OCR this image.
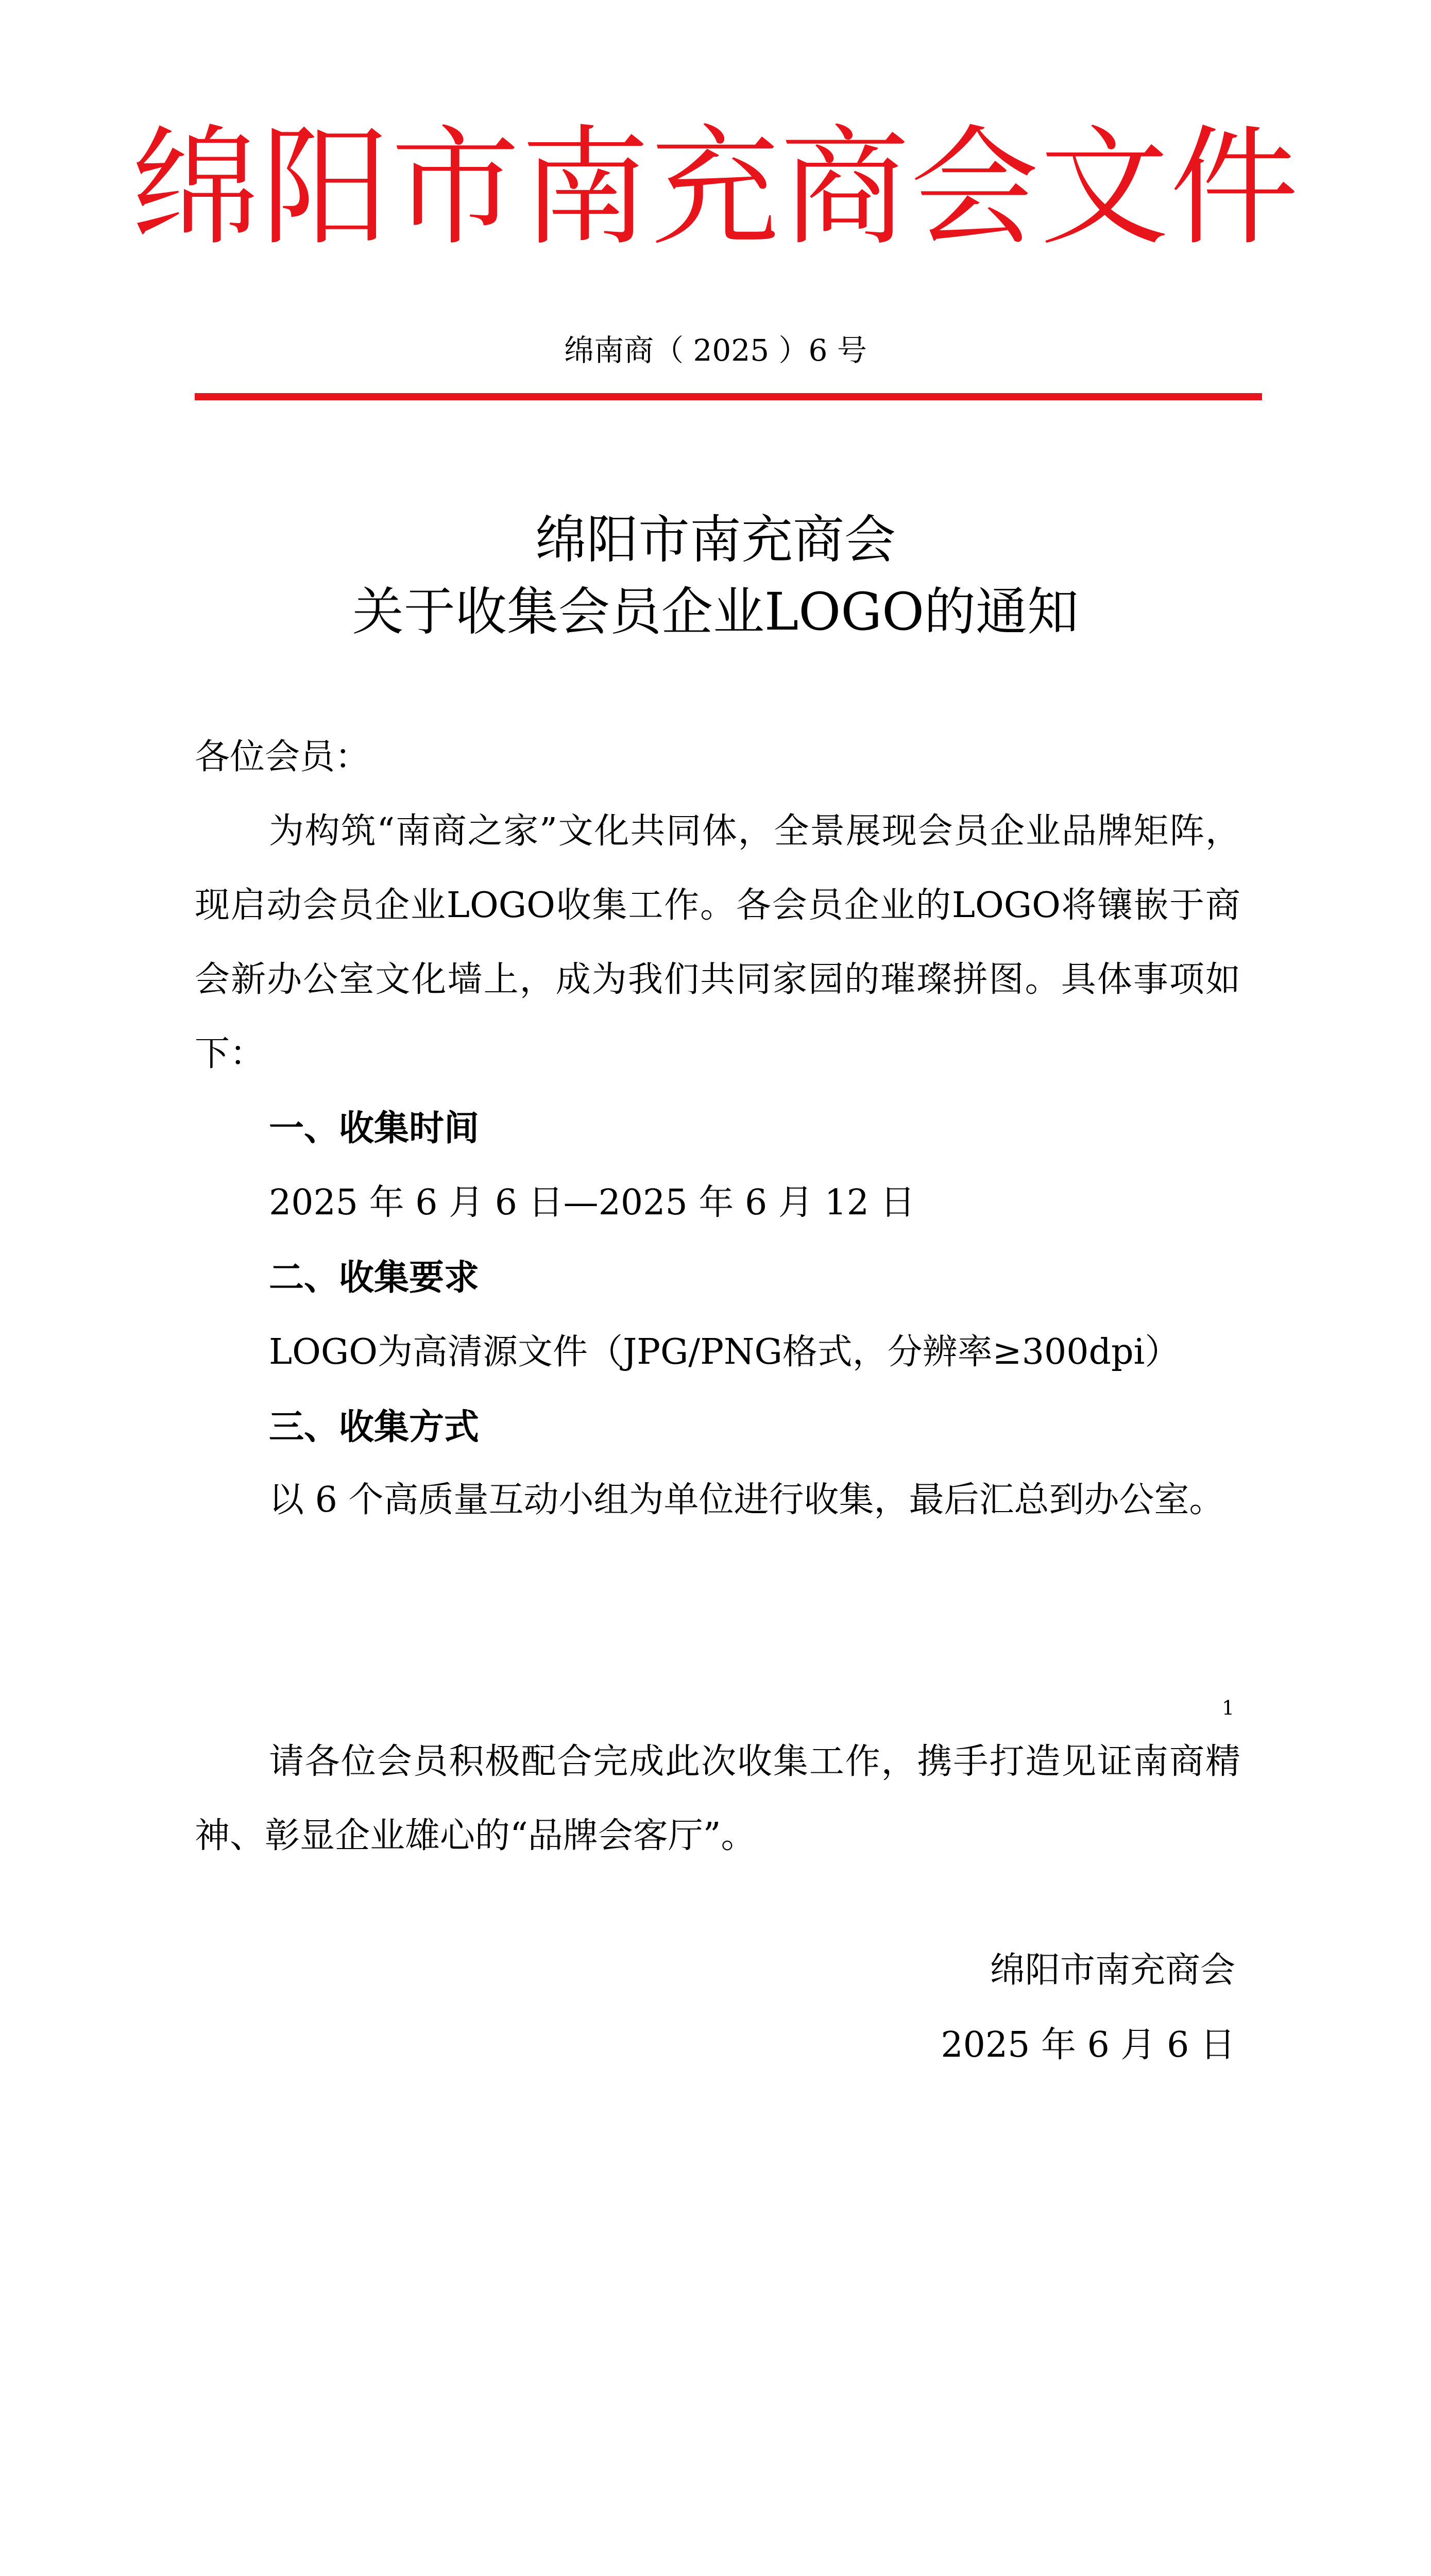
绵阳市南充商会文件
绵南商（ 2025 ）6 号
绵阳市南充商会
关于收集会员企业LOGO的通知
各位会员：
为构筑“南商之家”文化共同体，全景展现会员企业品牌矩阵，现启动会员企业LOGO收集工作。各会员企业的LOGO将镶嵌于商会新办公室文化墙上，成为我们共同家园的璀璨拼图。具体事项如下：
一、收集时间
2025 年 6 月 6 日—2025 年 6 月 12 日
二、收集要求
LOGO为高清源文件（JPG/PNG格式，分辨率≥300dpi）
三、收集方式
以 6 个高质量互动小组为单位进行收集，最后汇总到办公室。
1
请各位会员积极配合完成此次收集工作，携手打造见证南商精神、彰显企业雄心的“品牌会客厅”。
绵阳市南充商会
2025 年 6 月 6 日
